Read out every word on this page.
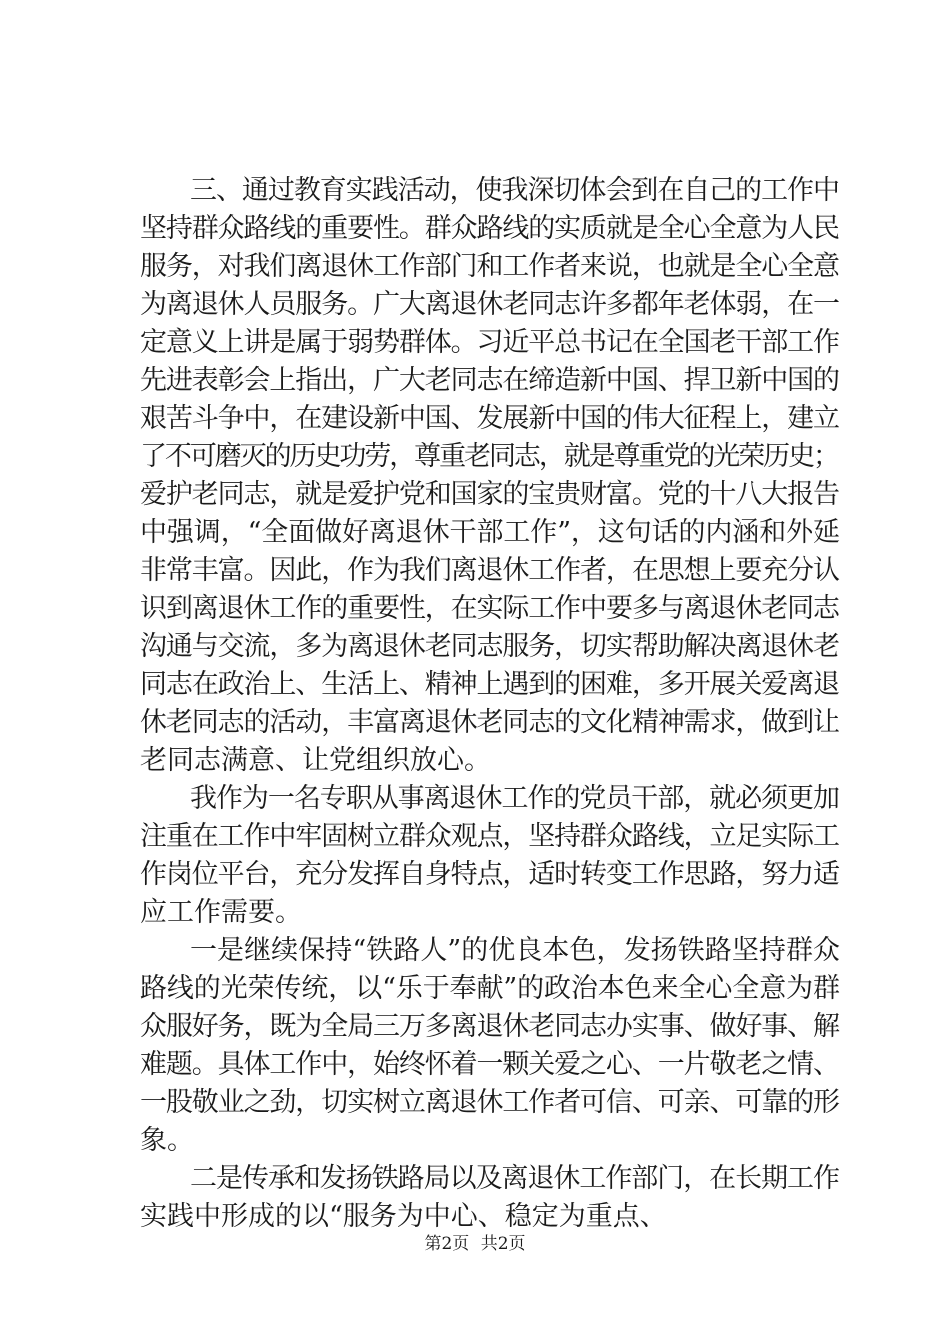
三、通过教育实践活动，使我深切体会到在自己的工作中
坚持群众路线的重要性。群众路线的实质就是全心全意为人民
服务，对我们离退休工作部门和工作者来说，也就是全心全意
为离退休人员服务。广大离退休老同志许多都年老体弱，在一
定意义上讲是属于弱势群体。习近平总书记在全国老干部工作
先进表彰会上指出，广大老同志在缔造新中国、捍卫新中国的
艰苦斗争中，在建设新中国、发展新中国的伟大征程上，建立
了不可磨灭的历史功劳，尊重老同志，就是尊重党的光荣历史；
爱护老同志，就是爱护党和国家的宝贵财富。党的十八大报告
中强调，“全面做好离退休干部工作”，这句话的内涵和外延
非常丰富。因此，作为我们离退休工作者，在思想上要充分认
识到离退休工作的重要性，在实际工作中要多与离退休老同志
沟通与交流，多为离退休老同志服务，切实帮助解决离退休老
同志在政治上、生活上、精神上遇到的困难，多开展关爱离退
休老同志的活动，丰富离退休老同志的文化精神需求，做到让
老同志满意、让党组织放心。
我作为一名专职从事离退休工作的党员干部，就必须更加
注重在工作中牢固树立群众观点，坚持群众路线，立足实际工
作岗位平台，充分发挥自身特点，适时转变工作思路，努力适
应工作需要。
一是继续保持“铁路人”的优良本色，发扬铁路坚持群众
路线的光荣传统，以“乐于奉献”的政治本色来全心全意为群
众服好务，既为全局三万多离退休老同志办实事、做好事、解
难题。具体工作中，始终怀着一颗关爱之心、一片敬老之情、
一股敬业之劲，切实树立离退休工作者可信、可亲、可靠的形
象。
二是传承和发扬铁路局以及离退休工作部门，在长期工作
实践中形成的以“服务为中心、稳定为重点、
第2页 共2页
